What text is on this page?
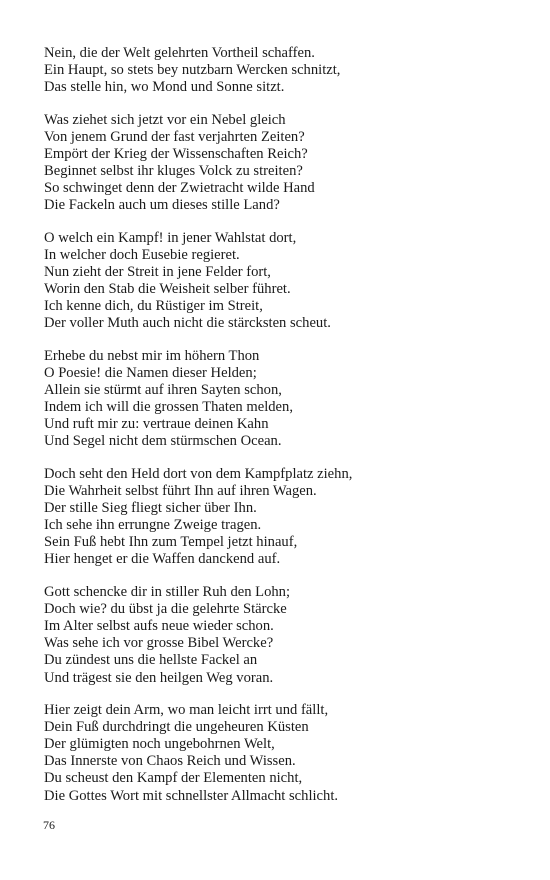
Nein, die der Welt gelehrten Vortheil schaffen.
Ein Haupt, so stets bey nutzbarn Wercken schnitzt,
Das stelle hin, wo Mond und Sonne sitzt.
Was ziehet sich jetzt vor ein Nebel gleich
Von jenem Grund der fast verjahrten Zeiten?
Empört der Krieg der Wissenschaften Reich?
Beginnet selbst ihr kluges Volck zu streiten?
So schwinget denn der Zwietracht wilde Hand
Die Fackeln auch um dieses stille Land?
O welch ein Kampf! in jener Wahlstat dort,
In welcher doch Eusebie regieret.
Nun zieht der Streit in jene Felder fort,
Worin den Stab die Weisheit selber führet.
Ich kenne dich, du Rüstiger im Streit,
Der voller Muth auch nicht die stärcksten scheut.
Erhebe du nebst mir im höhern Thon
O Poesie! die Namen dieser Helden;
Allein sie stürmt auf ihren Sayten schon,
Indem ich will die grossen Thaten melden,
Und ruft mir zu: vertraue deinen Kahn
Und Segel nicht dem stürmschen Ocean.
Doch seht den Held dort von dem Kampfplatz ziehn,
Die Wahrheit selbst führt Ihn auf ihren Wagen.
Der stille Sieg fliegt sicher über Ihn.
Ich sehe ihn errungne Zweige tragen.
Sein Fuß hebt Ihn zum Tempel jetzt hinauf,
Hier henget er die Waffen danckend auf.
Gott schencke dir in stiller Ruh den Lohn;
Doch wie? du übst ja die gelehrte Stärcke
Im Alter selbst aufs neue wieder schon.
Was sehe ich vor grosse Bibel Wercke?
Du zündest uns die hellste Fackel an
Und trägest sie den heilgen Weg voran.
Hier zeigt dein Arm, wo man leicht irrt und fällt,
Dein Fuß durchdringt die ungeheuren Küsten
Der glümigten noch ungebohrnen Welt,
Das Innerste von Chaos Reich und Wissen.
Du scheust den Kampf der Elementen nicht,
Die Gottes Wort mit schnellster Allmacht schlicht.
76
